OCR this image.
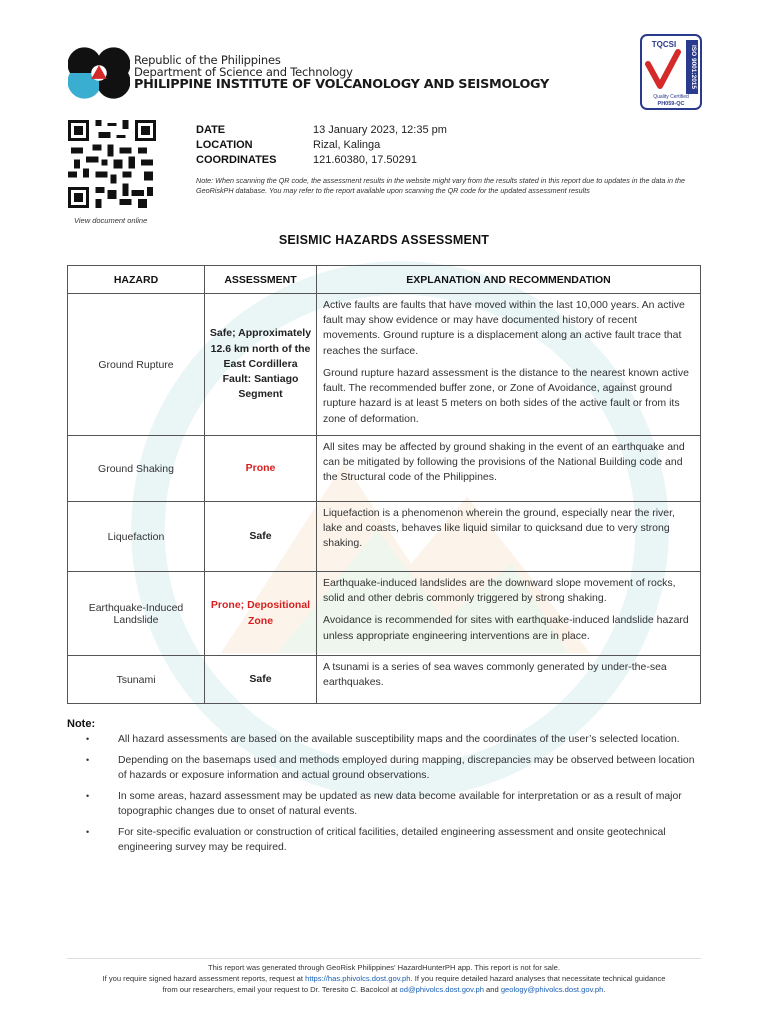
Republic of the Philippines
Department of Science and Technology
PHILIPPINE INSTITUTE OF VOLCANOLOGY AND SEISMOLOGY
TQCSI
ISO 9001:2015
Quality Certified
PH059-QC
View document online
DATE	13 January 2023, 12:35 pm
LOCATION	Rizal, Kalinga
COORDINATES	121.60380, 17.50291
Note: When scanning the QR code, the assessment results in the website might vary from the results stated in this report due to updates in the data in the GeoRiskPH database. You may refer to the report available upon scanning the QR code for the updated assessment results
SEISMIC HAZARDS ASSESSMENT
HAZARD	ASSESSMENT	EXPLANATION AND RECOMMENDATION
Ground Rupture	Safe; Approximately 12.6 km north of the East Cordillera Fault: Santiago Segment	Active faults are faults that have moved within the last 10,000 years. An active fault may show evidence or may have documented history of recent movements. Ground rupture is a displacement along an active fault trace that reaches the surface.

Ground rupture hazard assessment is the distance to the nearest known active fault. The recommended buffer zone, or Zone of Avoidance, against ground rupture hazard is at least 5 meters on both sides of the active fault or from its zone of deformation.

Ground Shaking	Prone	All sites may be affected by ground shaking in the event of an earthquake and can be mitigated by following the provisions of the National Building code and the Structural code of the Philippines.

Liquefaction	Safe	Liquefaction is a phenomenon wherein the ground, especially near the river, lake and coasts, behaves like liquid similar to quicksand due to very strong shaking.

Earthquake-Induced Landslide	Prone; Depositional Zone	Earthquake-induced landslides are the downward slope movement of rocks, solid and other debris commonly triggered by strong shaking.

Avoidance is recommended for sites with earthquake-induced landslide hazard unless appropriate engineering interventions are in place.

Tsunami	Safe	A tsunami is a series of sea waves commonly generated by under-the-sea earthquakes.

Note:
• All hazard assessments are based on the available susceptibility maps and the coordinates of the user’s selected location.
• Depending on the basemaps used and methods employed during mapping, discrepancies may be observed between location of hazards or exposure information and actual ground observations.
• In some areas, hazard assessment may be updated as new data become available for interpretation or as a result of major topographic changes due to onset of natural events.
• For site-specific evaluation or construction of critical facilities, detailed engineering assessment and onsite geotechnical engineering survey may be required.
This report was generated through GeoRisk Philippines' HazardHunterPH app. This report is not for sale.
If you require signed hazard assessment reports, request at https://has.phivolcs.dost.gov.ph. If you require detailed hazard analyses that necessitate technical guidance
from our researchers, email your request to Dr. Teresito C. Bacolcol at od@phivolcs.dost.gov.ph and geology@phivolcs.dost.gov.ph.
